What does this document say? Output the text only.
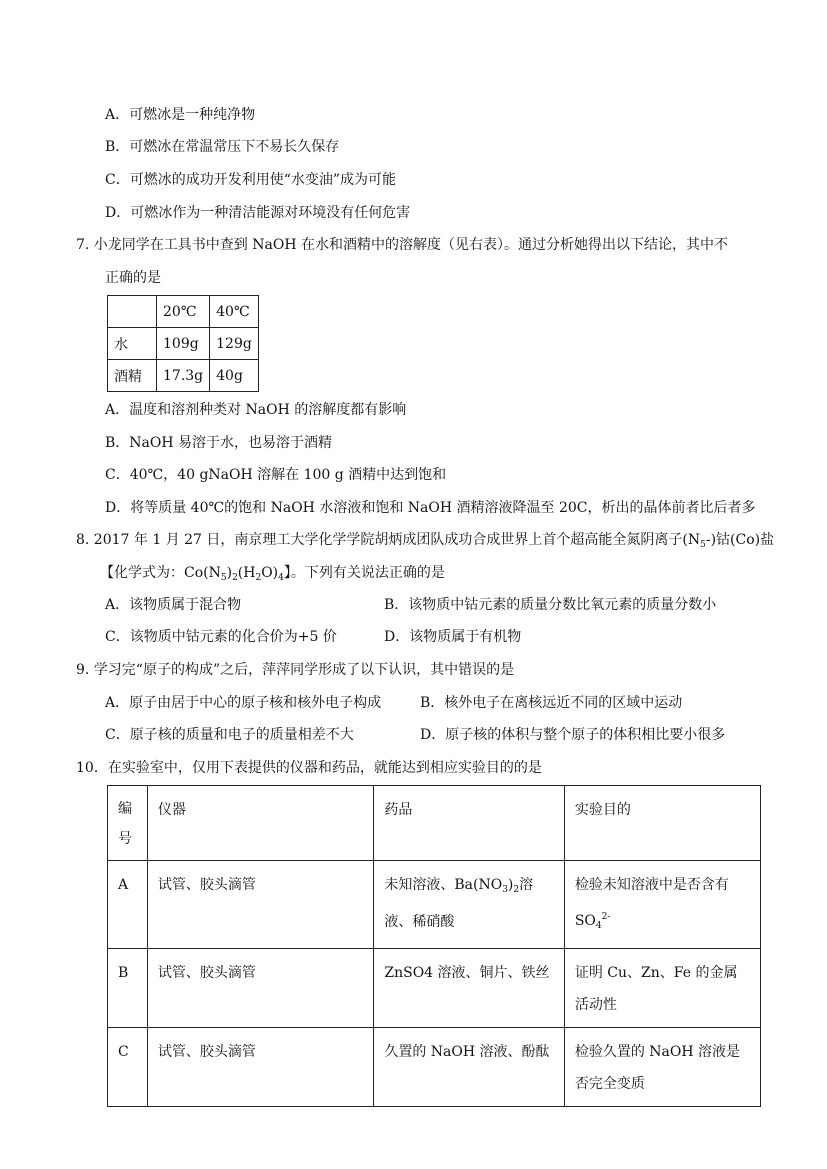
A．可燃冰是一种纯净物
B．可燃冰在常温常压下不易长久保存
C．可燃冰的成功开发利用使“水变油”成为可能
D．可燃冰作为一种清洁能源对环境没有任何危害
7. 小龙同学在工具书中查到 NaOH 在水和酒精中的溶解度（见右表）。通过分析她得出以下结论，其中不
正确的是
	20℃	40℃
水	109g	129g
酒精	17.3g	40g
A．温度和溶剂种类对 NaOH 的溶解度都有影响
B．NaOH 易溶于水，也易溶于酒精
C．40℃，40 gNaOH 溶解在 100 g 酒精中达到饱和
D．将等质量 40℃的饱和 NaOH 水溶液和饱和 NaOH 酒精溶液降温至 20C，析出的晶体前者比后者多
8. 2017 年 1 月 27 日，南京理工大学化学学院胡炳成团队成功合成世界上首个超高能全氮阴离子$(N_5-)$钴(Co)盐
【化学式为：$Co(N_5)_2(H_2O)_4$】。下列有关说法正确的是
A．该物质属于混合物	B．该物质中钴元素的质量分数比氧元素的质量分数小
C．该物质中钴元素的化合价为+5 价	D．该物质属于有机物
9. 学习完“原子的构成”之后，萍萍同学形成了以下认识，其中错误的是
A．原子由居于中心的原子核和核外电子构成	B．核外电子在离核远近不同的区域中运动
C．原子核的质量和电子的质量相差不大	D．原子核的体积与整个原子的体积相比要小很多
10．在实验室中，仅用下表提供的仪器和药品，就能达到相应实验目的的是
编号	仪器	药品	实验目的
A	试管、胶头滴管	未知溶液、$Ba(NO_3)_2$溶液、稀硝酸	检验未知溶液中是否含有 $SO_4^{2-}$
B	试管、胶头滴管	ZnSO4 溶液、铜片、铁丝	证明 Cu、Zn、Fe 的金属活动性
C	试管、胶头滴管	久置的 NaOH 溶液、酚酞	检验久置的 NaOH 溶液是否完全变质
